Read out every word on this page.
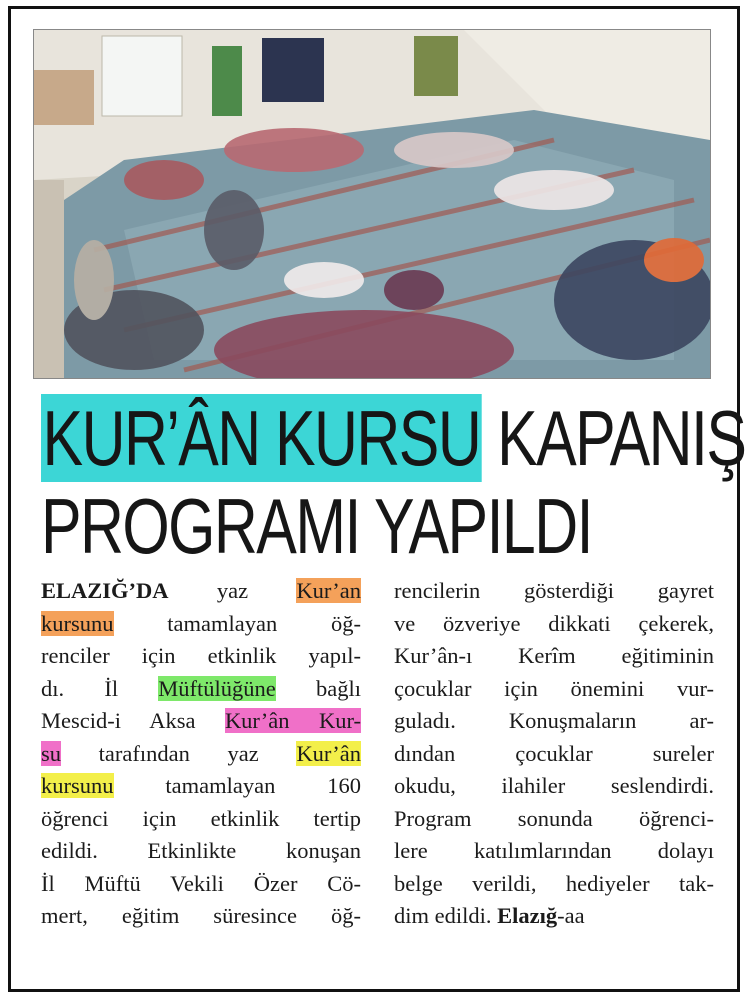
KUR’ÂN KURSU KAPANIŞ
PROGRAMI YAPILDI
ELAZIĞ’DA yaz Kur’an
kursunu tamamlayan öğ-
renciler için etkinlik yapıl-
dı. İl Müftülüğüne bağlı
Mescid-i Aksa Kur’ân Kur-
su tarafından yaz Kur’ân
kursunu tamamlayan 160
öğrenci için etkinlik tertip
edildi. Etkinlikte konuşan
İl Müftü Vekili Özer Cö-
mert, eğitim süresince öğ-
rencilerin gösterdiği gayret
ve özveriye dikkati çekerek,
Kur’ân-ı Kerîm eğitiminin
çocuklar için önemini vur-
guladı. Konuşmaların ar-
dından çocuklar sureler
okudu, ilahiler seslendirdi.
Program sonunda öğrenci-
lere katılımlarından dolayı
belge verildi, hediyeler tak-
dim edildi. Elazığ-aa
